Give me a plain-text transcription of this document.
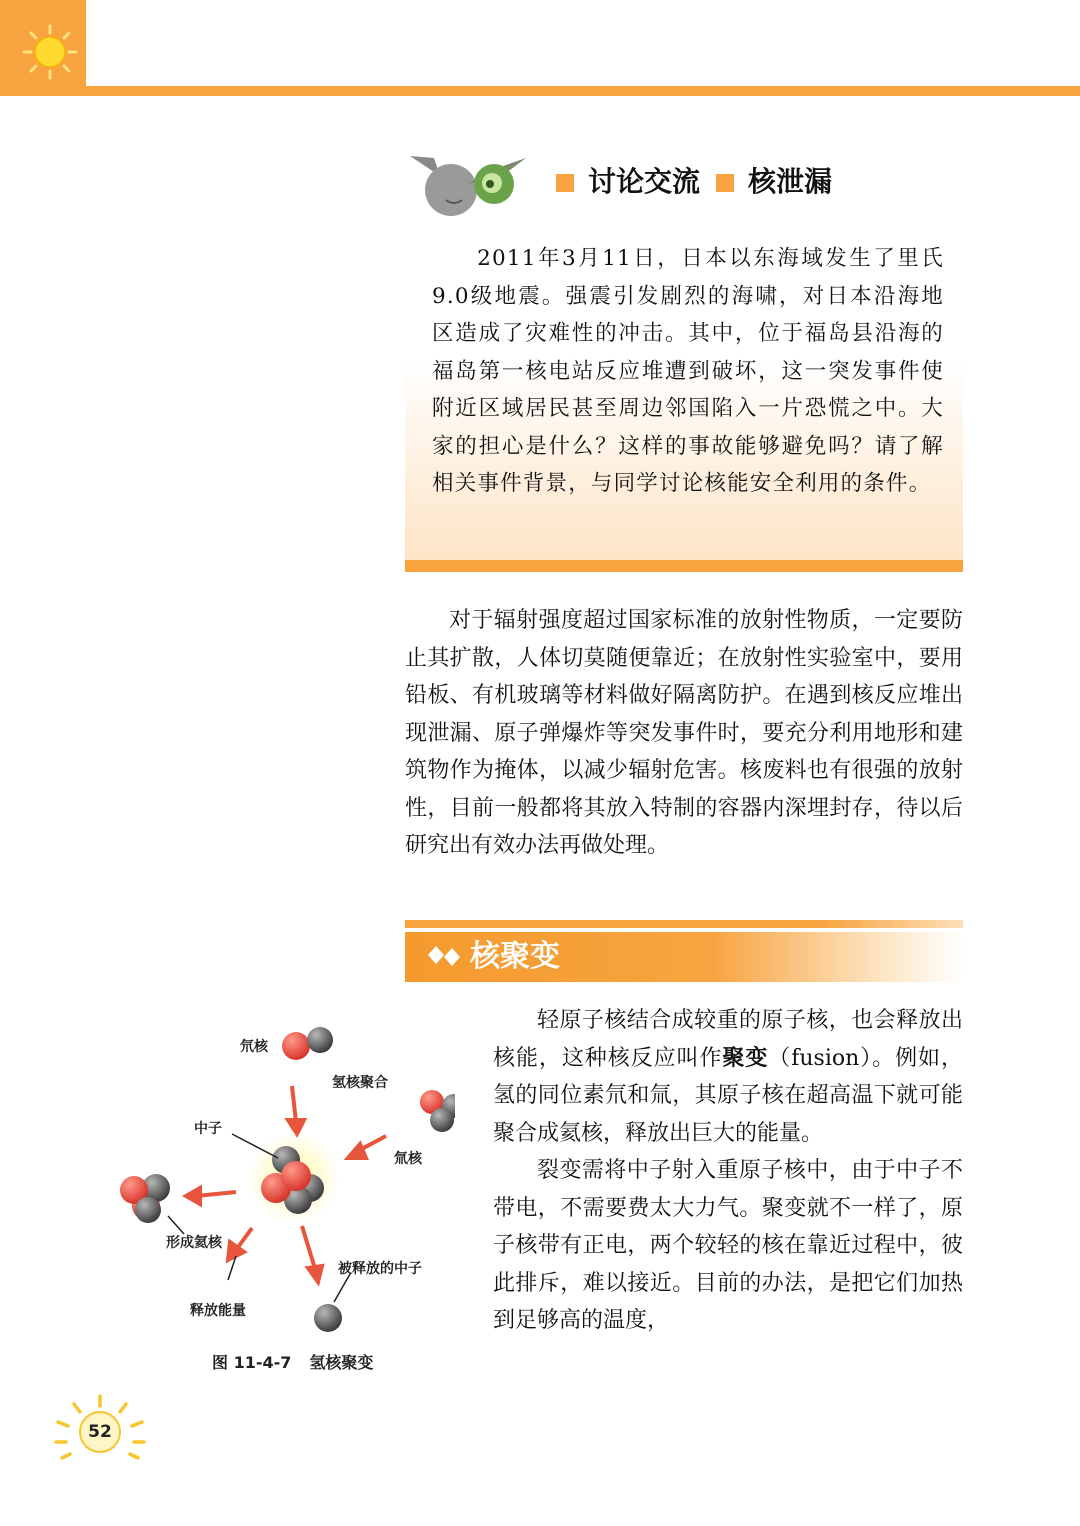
讨论交流 核泄漏
2011年3月11日，日本以东海域发生了里氏9.0级地震。强震引发剧烈的海啸，对日本沿海地区造成了灾难性的冲击。其中，位于福岛县沿海的福岛第一核电站反应堆遭到破坏，这一突发事件使附近区域居民甚至周边邻国陷入一片恐慌之中。大家的担心是什么？这样的事故能够避免吗？请了解相关事件背景，与同学讨论核能安全利用的条件。
对于辐射强度超过国家标准的放射性物质，一定要防止其扩散，人体切莫随便靠近；在放射性实验室中，要用铅板、有机玻璃等材料做好隔离防护。在遇到核反应堆出现泄漏、原子弹爆炸等突发事件时，要充分利用地形和建筑物作为掩体，以减少辐射危害。核废料也有很强的放射性，目前一般都将其放入特制的容器内深埋封存，待以后研究出有效办法再做处理。
核聚变

轻原子核结合成较重的原子核，也会释放出核能，这种核反应叫作聚变（fusion）。例如，氢的同位素氘和氚，其原子核在超高温下就可能聚合成氦核，释放出巨大的能量。

裂变需将中子射入重原子核中，由于中子不带电，不需要费太大力气。聚变就不一样了，原子核带有正电，两个较轻的核在靠近过程中，彼此排斥，难以接近。目前的办法，是把它们加热到足够高的温度，

氘核
氢核聚合
中子
氚核
形成氦核
被释放的中子
释放能量
图 11-4-7 氢核聚变
52
